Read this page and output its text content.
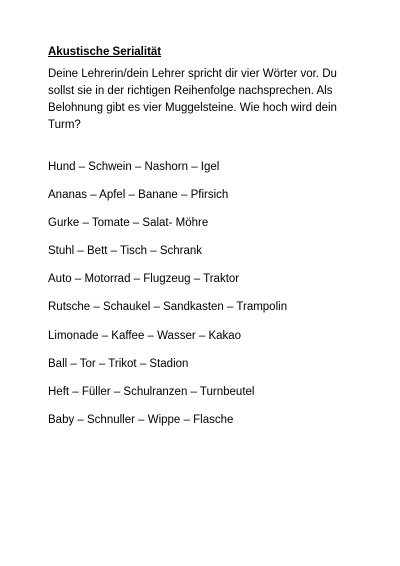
Akustische Serialität

Deine Lehrerin/dein Lehrer spricht dir vier Wörter vor. Du
sollst sie in der richtigen Reihenfolge nachsprechen. Als
Belohnung gibt es vier Muggelsteine. Wie hoch wird dein
Turm?

Hund – Schwein – Nashorn – Igel
Ananas – Apfel – Banane – Pfirsich
Gurke – Tomate – Salat- Möhre
Stuhl – Bett – Tisch – Schrank
Auto – Motorrad – Flugzeug – Traktor
Rutsche – Schaukel – Sandkasten – Trampolin
Limonade – Kaffee – Wasser – Kakao
Ball – Tor – Trikot – Stadion
Heft – Füller – Schulranzen – Turnbeutel
Baby – Schnuller – Wippe – Flasche
